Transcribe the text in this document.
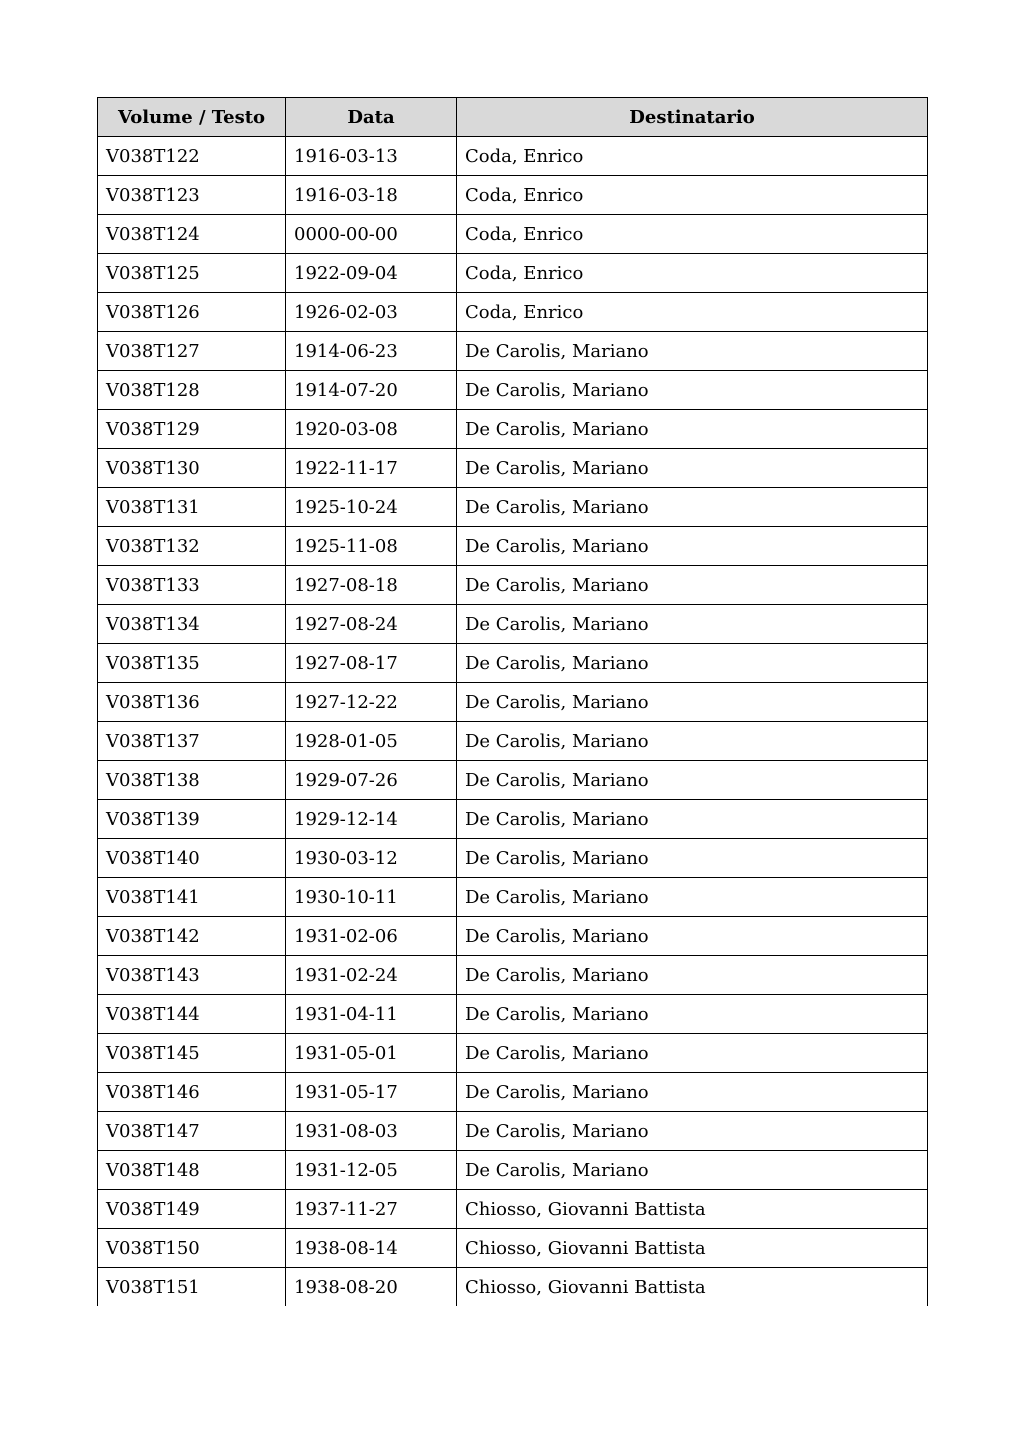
Volume / Testo	Data	Destinatario
V038T122	1916-03-13	Coda, Enrico
V038T123	1916-03-18	Coda, Enrico
V038T124	0000-00-00	Coda, Enrico
V038T125	1922-09-04	Coda, Enrico
V038T126	1926-02-03	Coda, Enrico
V038T127	1914-06-23	De Carolis, Mariano
V038T128	1914-07-20	De Carolis, Mariano
V038T129	1920-03-08	De Carolis, Mariano
V038T130	1922-11-17	De Carolis, Mariano
V038T131	1925-10-24	De Carolis, Mariano
V038T132	1925-11-08	De Carolis, Mariano
V038T133	1927-08-18	De Carolis, Mariano
V038T134	1927-08-24	De Carolis, Mariano
V038T135	1927-08-17	De Carolis, Mariano
V038T136	1927-12-22	De Carolis, Mariano
V038T137	1928-01-05	De Carolis, Mariano
V038T138	1929-07-26	De Carolis, Mariano
V038T139	1929-12-14	De Carolis, Mariano
V038T140	1930-03-12	De Carolis, Mariano
V038T141	1930-10-11	De Carolis, Mariano
V038T142	1931-02-06	De Carolis, Mariano
V038T143	1931-02-24	De Carolis, Mariano
V038T144	1931-04-11	De Carolis, Mariano
V038T145	1931-05-01	De Carolis, Mariano
V038T146	1931-05-17	De Carolis, Mariano
V038T147	1931-08-03	De Carolis, Mariano
V038T148	1931-12-05	De Carolis, Mariano
V038T149	1937-11-27	Chiosso, Giovanni Battista
V038T150	1938-08-14	Chiosso, Giovanni Battista
V038T151	1938-08-20	Chiosso, Giovanni Battista
